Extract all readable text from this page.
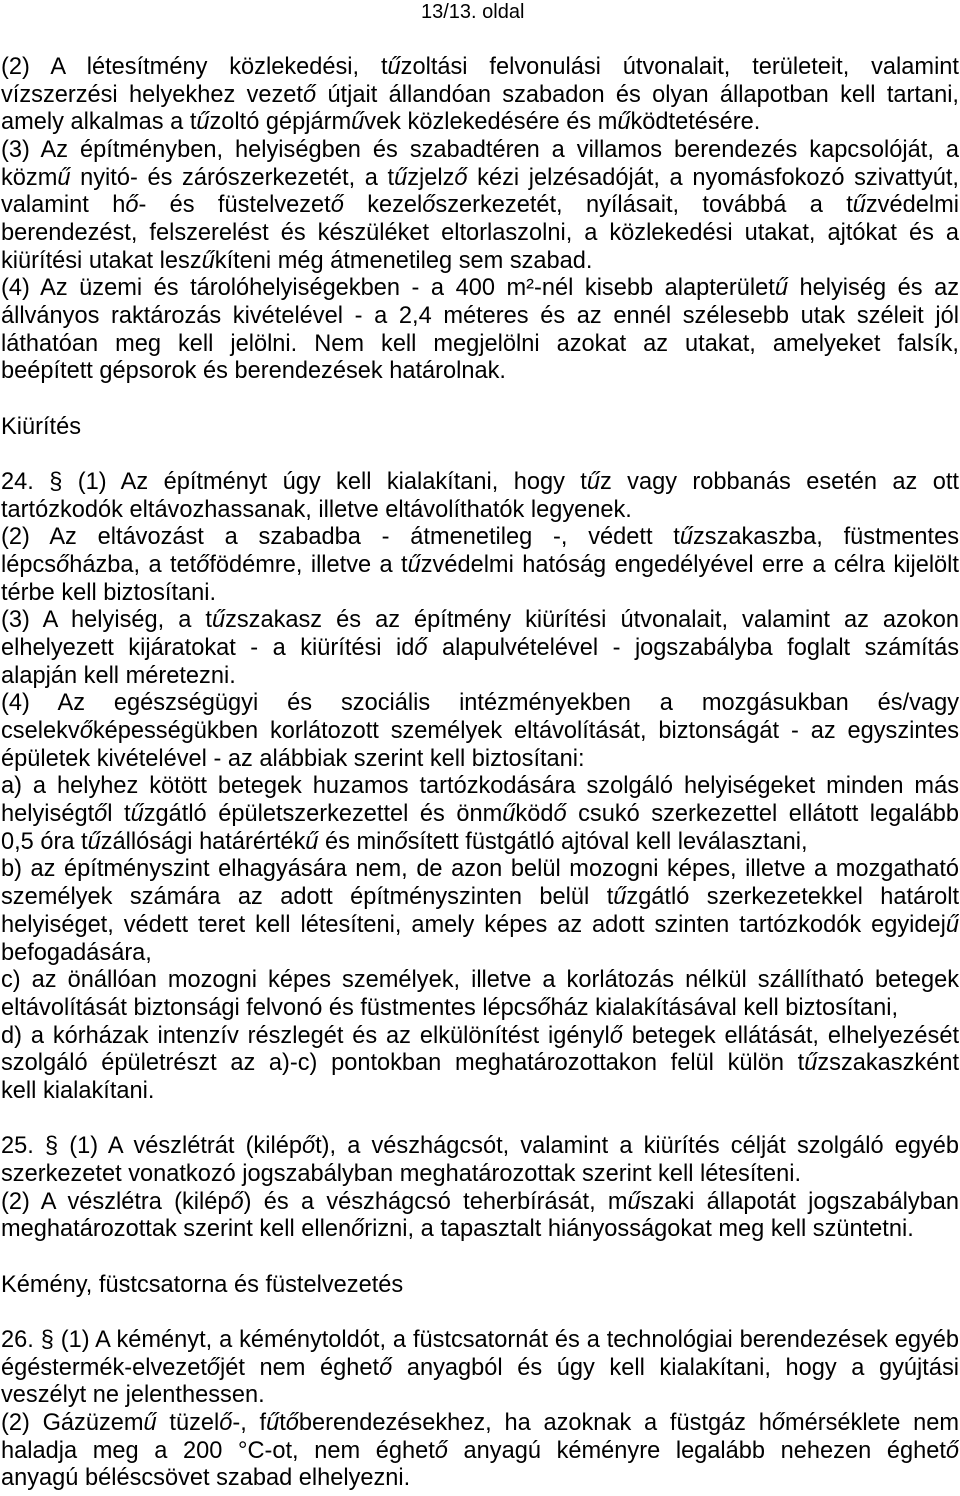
13/13. oldal
(2) A létesítmény közlekedési, tűzoltási felvonulási útvonalait, területeit, valamint
vízszerzési helyekhez vezető útjait állandóan szabadon és olyan állapotban kell tartani,
amely alkalmas a tűzoltó gépjárművek közlekedésére és működtetésére.
(3) Az építményben, helyiségben és szabadtéren a villamos berendezés kapcsolóját, a
közmű nyitó- és zárószerkezetét, a tűzjelző kézi jelzésadóját, a nyomásfokozó szivattyút,
valamint hő- és füstelvezető kezelőszerkezetét, nyílásait, továbbá a tűzvédelmi
berendezést, felszerelést és készüléket eltorlaszolni, a közlekedési utakat, ajtókat és a
kiürítési utakat leszűkíteni még átmenetileg sem szabad.
(4) Az üzemi és tárolóhelyiségekben - a 400 m²-nél kisebb alapterületű helyiség és az
állványos raktározás kivételével - a 2,4 méteres és az ennél szélesebb utak széleit jól
láthatóan meg kell jelölni. Nem kell megjelölni azokat az utakat, amelyeket falsík,
beépített gépsorok és berendezések határolnak.
Kiürítés
24. § (1) Az építményt úgy kell kialakítani, hogy tűz vagy robbanás esetén az ott
tartózkodók eltávozhassanak, illetve eltávolíthatók legyenek.
(2) Az eltávozást a szabadba - átmenetileg -, védett tűzszakaszba, füstmentes
lépcsőházba, a tetőfödémre, illetve a tűzvédelmi hatóság engedélyével erre a célra kijelölt
térbe kell biztosítani.
(3) A helyiség, a tűzszakasz és az építmény kiürítési útvonalait, valamint az azokon
elhelyezett kijáratokat - a kiürítési idő alapulvételével - jogszabályba foglalt számítás
alapján kell méretezni.
(4) Az egészségügyi és szociális intézményekben a mozgásukban és/vagy
cselekvőképességükben korlátozott személyek eltávolítását, biztonságát - az egyszintes
épületek kivételével - az alábbiak szerint kell biztosítani:
a) a helyhez kötött betegek huzamos tartózkodására szolgáló helyiségeket minden más
helyiségtől tűzgátló épületszerkezettel és önműködő csukó szerkezettel ellátott legalább
0,5 óra tűzállósági határértékű és minősített füstgátló ajtóval kell leválasztani,
b) az építményszint elhagyására nem, de azon belül mozogni képes, illetve a mozgatható
személyek számára az adott építményszinten belül tűzgátló szerkezetekkel határolt
helyiséget, védett teret kell létesíteni, amely képes az adott szinten tartózkodók egyidejű
befogadására,
c) az önállóan mozogni képes személyek, illetve a korlátozás nélkül szállítható betegek
eltávolítását biztonsági felvonó és füstmentes lépcsőház kialakításával kell biztosítani,
d) a kórházak intenzív részlegét és az elkülönítést igénylő betegek ellátását, elhelyezését
szolgáló épületrészt az a)-c) pontokban meghatározottakon felül külön tűzszakaszként
kell kialakítani.
25. § (1) A vészlétrát (kilépőt), a vészhágcsót, valamint a kiürítés célját szolgáló egyéb
szerkezetet vonatkozó jogszabályban meghatározottak szerint kell létesíteni.
(2) A vészlétra (kilépő) és a vészhágcsó teherbírását, műszaki állapotát jogszabályban
meghatározottak szerint kell ellenőrizni, a tapasztalt hiányosságokat meg kell szüntetni.
Kémény, füstcsatorna és füstelvezetés
26. § (1) A kéményt, a kéménytoldót, a füstcsatornát és a technológiai berendezések egyéb
égéstermék-elvezetőjét nem éghető anyagból és úgy kell kialakítani, hogy a gyújtási
veszélyt ne jelenthessen.
(2) Gázüzemű tüzelő-, fűtőberendezésekhez, ha azoknak a füstgáz hőmérséklete nem
haladja meg a 200 °C-ot, nem éghető anyagú kéményre legalább nehezen éghető
anyagú béléscsövet szabad elhelyezni.
